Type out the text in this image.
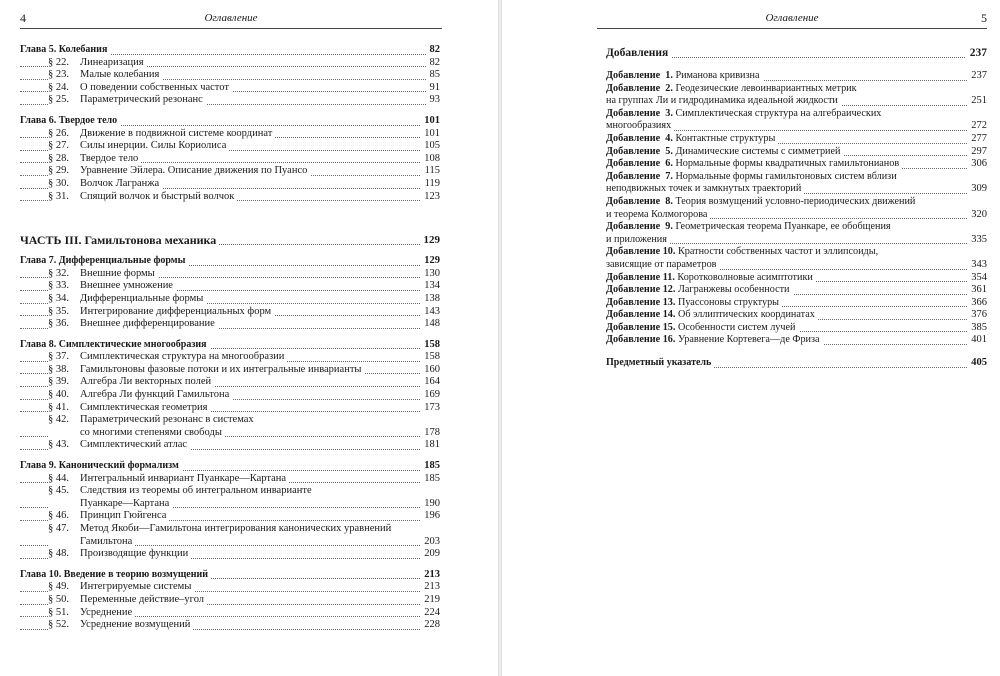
4	Оглавление
Глава 5. Колебания	82
§ 22. Линеаризация	82
§ 23. Малые колебания	85
§ 24. О поведении собственных частот	91
§ 25. Параметрический резонанс	93
Глава 6. Твердое тело	101
§ 26. Движение в подвижной системе координат	101
§ 27. Силы инерции. Силы Кориолиса	105
§ 28. Твердое тело	108
§ 29. Уравнение Эйлера. Описание движения по Пуансо	115
§ 30. Волчок Лагранжа	119
§ 31. Спящий волчок и быстрый волчок	123
ЧАСТЬ III. Гамильтонова механика	129
Глава 7. Дифференциальные формы	129
§ 32. Внешние формы	130
§ 33. Внешнее умножение	134
§ 34. Дифференциальные формы	138
§ 35. Интегрирование дифференциальных форм	143
§ 36. Внешнее дифференцирование	148
Глава 8. Симплектические многообразия	158
§ 37. Симплектическая структура на многообразии	158
§ 38. Гамильтоновы фазовые потоки и их интегральные инварианты	160
§ 39. Алгебра Ли векторных полей	164
§ 40. Алгебра Ли функций Гамильтона	169
§ 41. Симплектическая геометрия	173
§ 42. Параметрический резонанс в системах
со многими степенями свободы	178
§ 43. Симплектический атлас	181
Глава 9. Канонический формализм	185
§ 44. Интегральный инвариант Пуанкаре—Картана	185
§ 45. Следствия из теоремы об интегральном инварианте
Пуанкаре—Картана	190
§ 46. Принцип Гюйгенса	196
§ 47. Метод Якоби—Гамильтона интегрирования канонических уравнений
Гамильтона	203
§ 48. Производящие функции	209
Глава 10. Введение в теорию возмущений	213
§ 49. Интегрируемые системы	213
§ 50. Переменные действие–угол	219
§ 51. Усреднение	224
§ 52. Усреднение возмущений	228
Оглавление	5
Добавления	237
Добавление  1. Риманова кривизна	237
Добавление  2. Геодезические левоинвариантных метрик
на группах Ли и гидродинамика идеальной жидкости	251
Добавление  3. Симплектическая структура на алгебраических
многообразиях	272
Добавление  4. Контактные структуры	277
Добавление  5. Динамические системы с симметрией	297
Добавление  6. Нормальные формы квадратичных гамильтонианов	306
Добавление  7. Нормальные формы гамильтоновых систем вблизи
неподвижных точек и замкнутых траекторий	309
Добавление  8. Теория возмущений условно-периодических движений
и теорема Колмогорова	320
Добавление  9. Геометрическая теорема Пуанкаре, ее обобщения
и приложения	335
Добавление 10. Кратности собственных частот и эллипсоиды,
зависящие от параметров	343
Добавление 11. Коротковолновые асимптотики	354
Добавление 12. Лагранжевы особенности	361
Добавление 13. Пуассоновы структуры	366
Добавление 14. Об эллиптических координатах	376
Добавление 15. Особенности систем лучей	385
Добавление 16. Уравнение Кортевега—де Фриза	401
Предметный указатель	405
